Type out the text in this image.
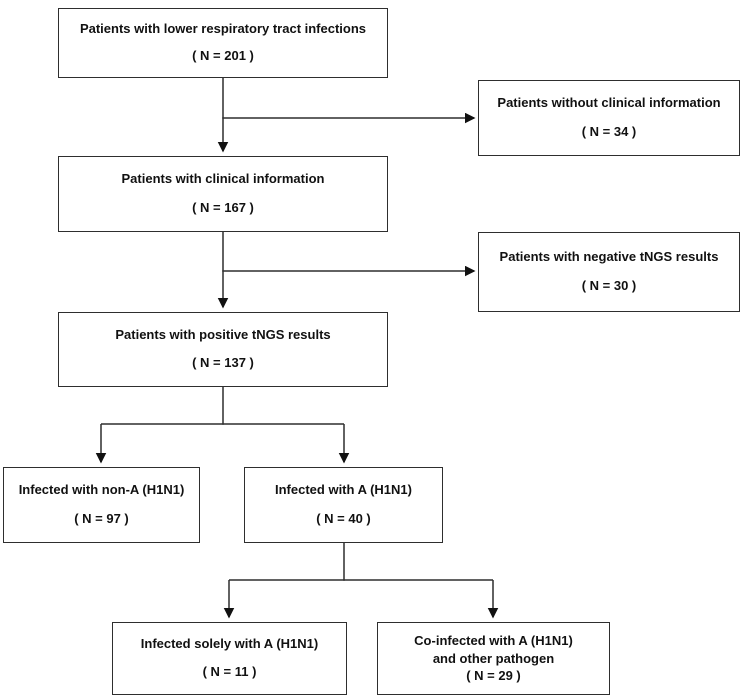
Patients with lower respiratory tract infections
( N = 201 )
Patients without clinical information
( N = 34 )
Patients with clinical information
( N = 167 )
Patients with negative tNGS results
( N = 30 )
Patients with positive tNGS results
( N = 137 )
Infected with non-A (H1N1)
( N = 97 )
Infected with A (H1N1)
( N = 40 )
Infected solely with A (H1N1)
( N = 11 )
Co-infected with A (H1N1)
and other pathogen
( N = 29 )
